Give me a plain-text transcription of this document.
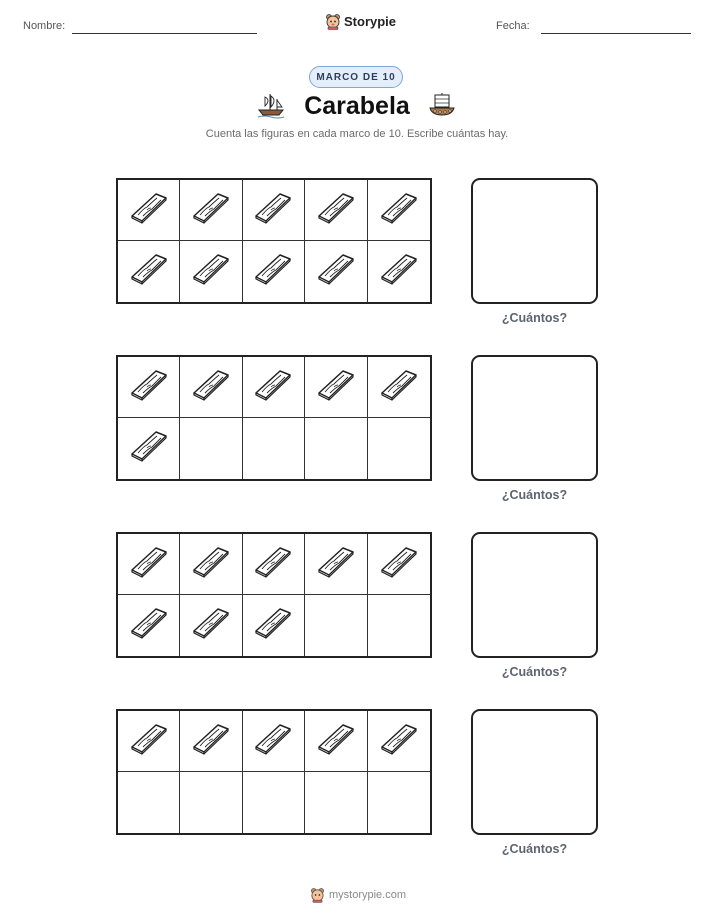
Nombre:	Storypie	Fecha:
MARCO DE 10
Carabela
Cuenta las figuras en cada marco de 10. Escribe cuántas hay.
¿Cuántos?
¿Cuántos?
¿Cuántos?
¿Cuántos?
mystorypie.com
